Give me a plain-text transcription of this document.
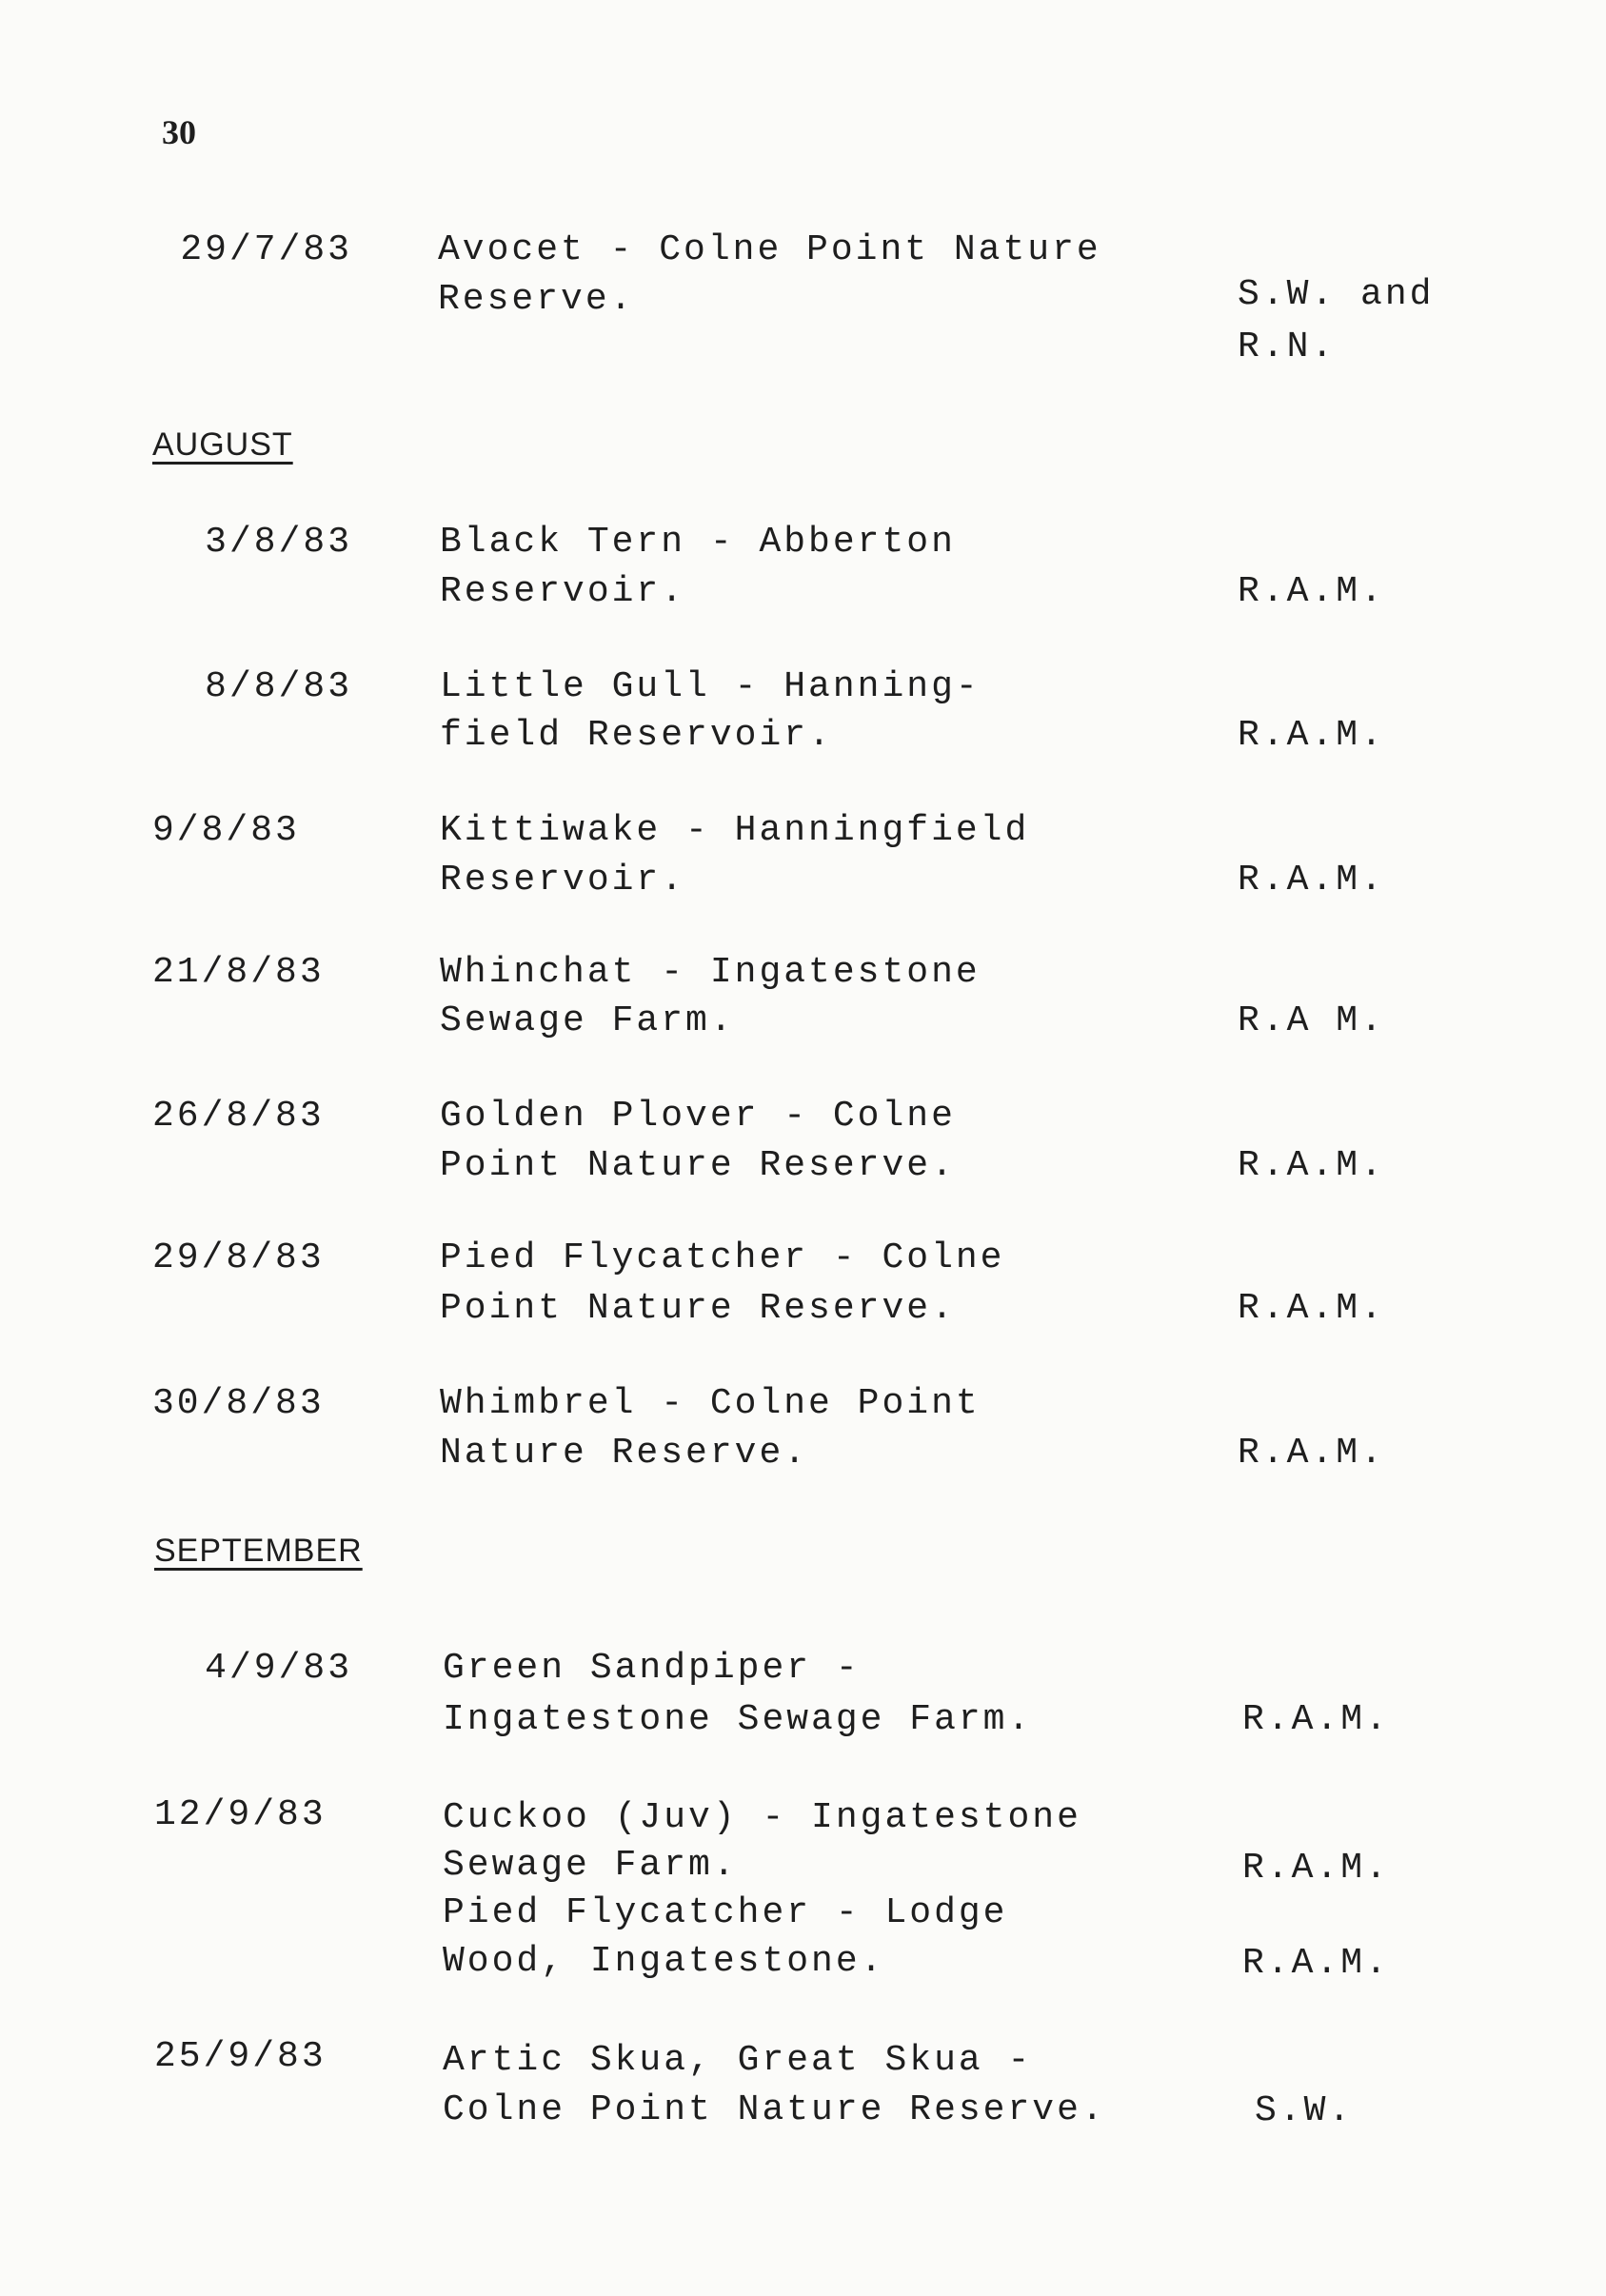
30
29/7/83 Avocet - Colne Point Nature
Reserve.	S.W. and
R.N.
AUGUST
3/8/83 Black Tern - Abberton
Reservoir.	R.A.M.
8/8/83 Little Gull - Hanning-
field Reservoir.	R.A.M.
9/8/83	Kittiwake - Hanningfield
Reservoir.	R.A.M.
21/8/83	Whinchat - Ingatestone
Sewage Farm.	R.A M.
26/8/83	Golden Plover - Colne
Point Nature Reserve.	R.A.M.
29/8/83	Pied Flycatcher - Colne
Point Nature Reserve.	R.A.M.
30/8/83	Whimbrel - Colne Point
Nature Reserve.	R.A.M.
SEPTEMBER
4/9/83	Green Sandpiper -
Ingatestone Sewage Farm.	R.A.M.
12/9/83	Cuckoo (Juv) - Ingatestone
Sewage Farm.	R.A.M.
Pied Flycatcher - Lodge
Wood, Ingatestone.	R.A.M.
25/9/83	Artic Skua, Great Skua -
Colne Point Nature Reserve.	S.W.
